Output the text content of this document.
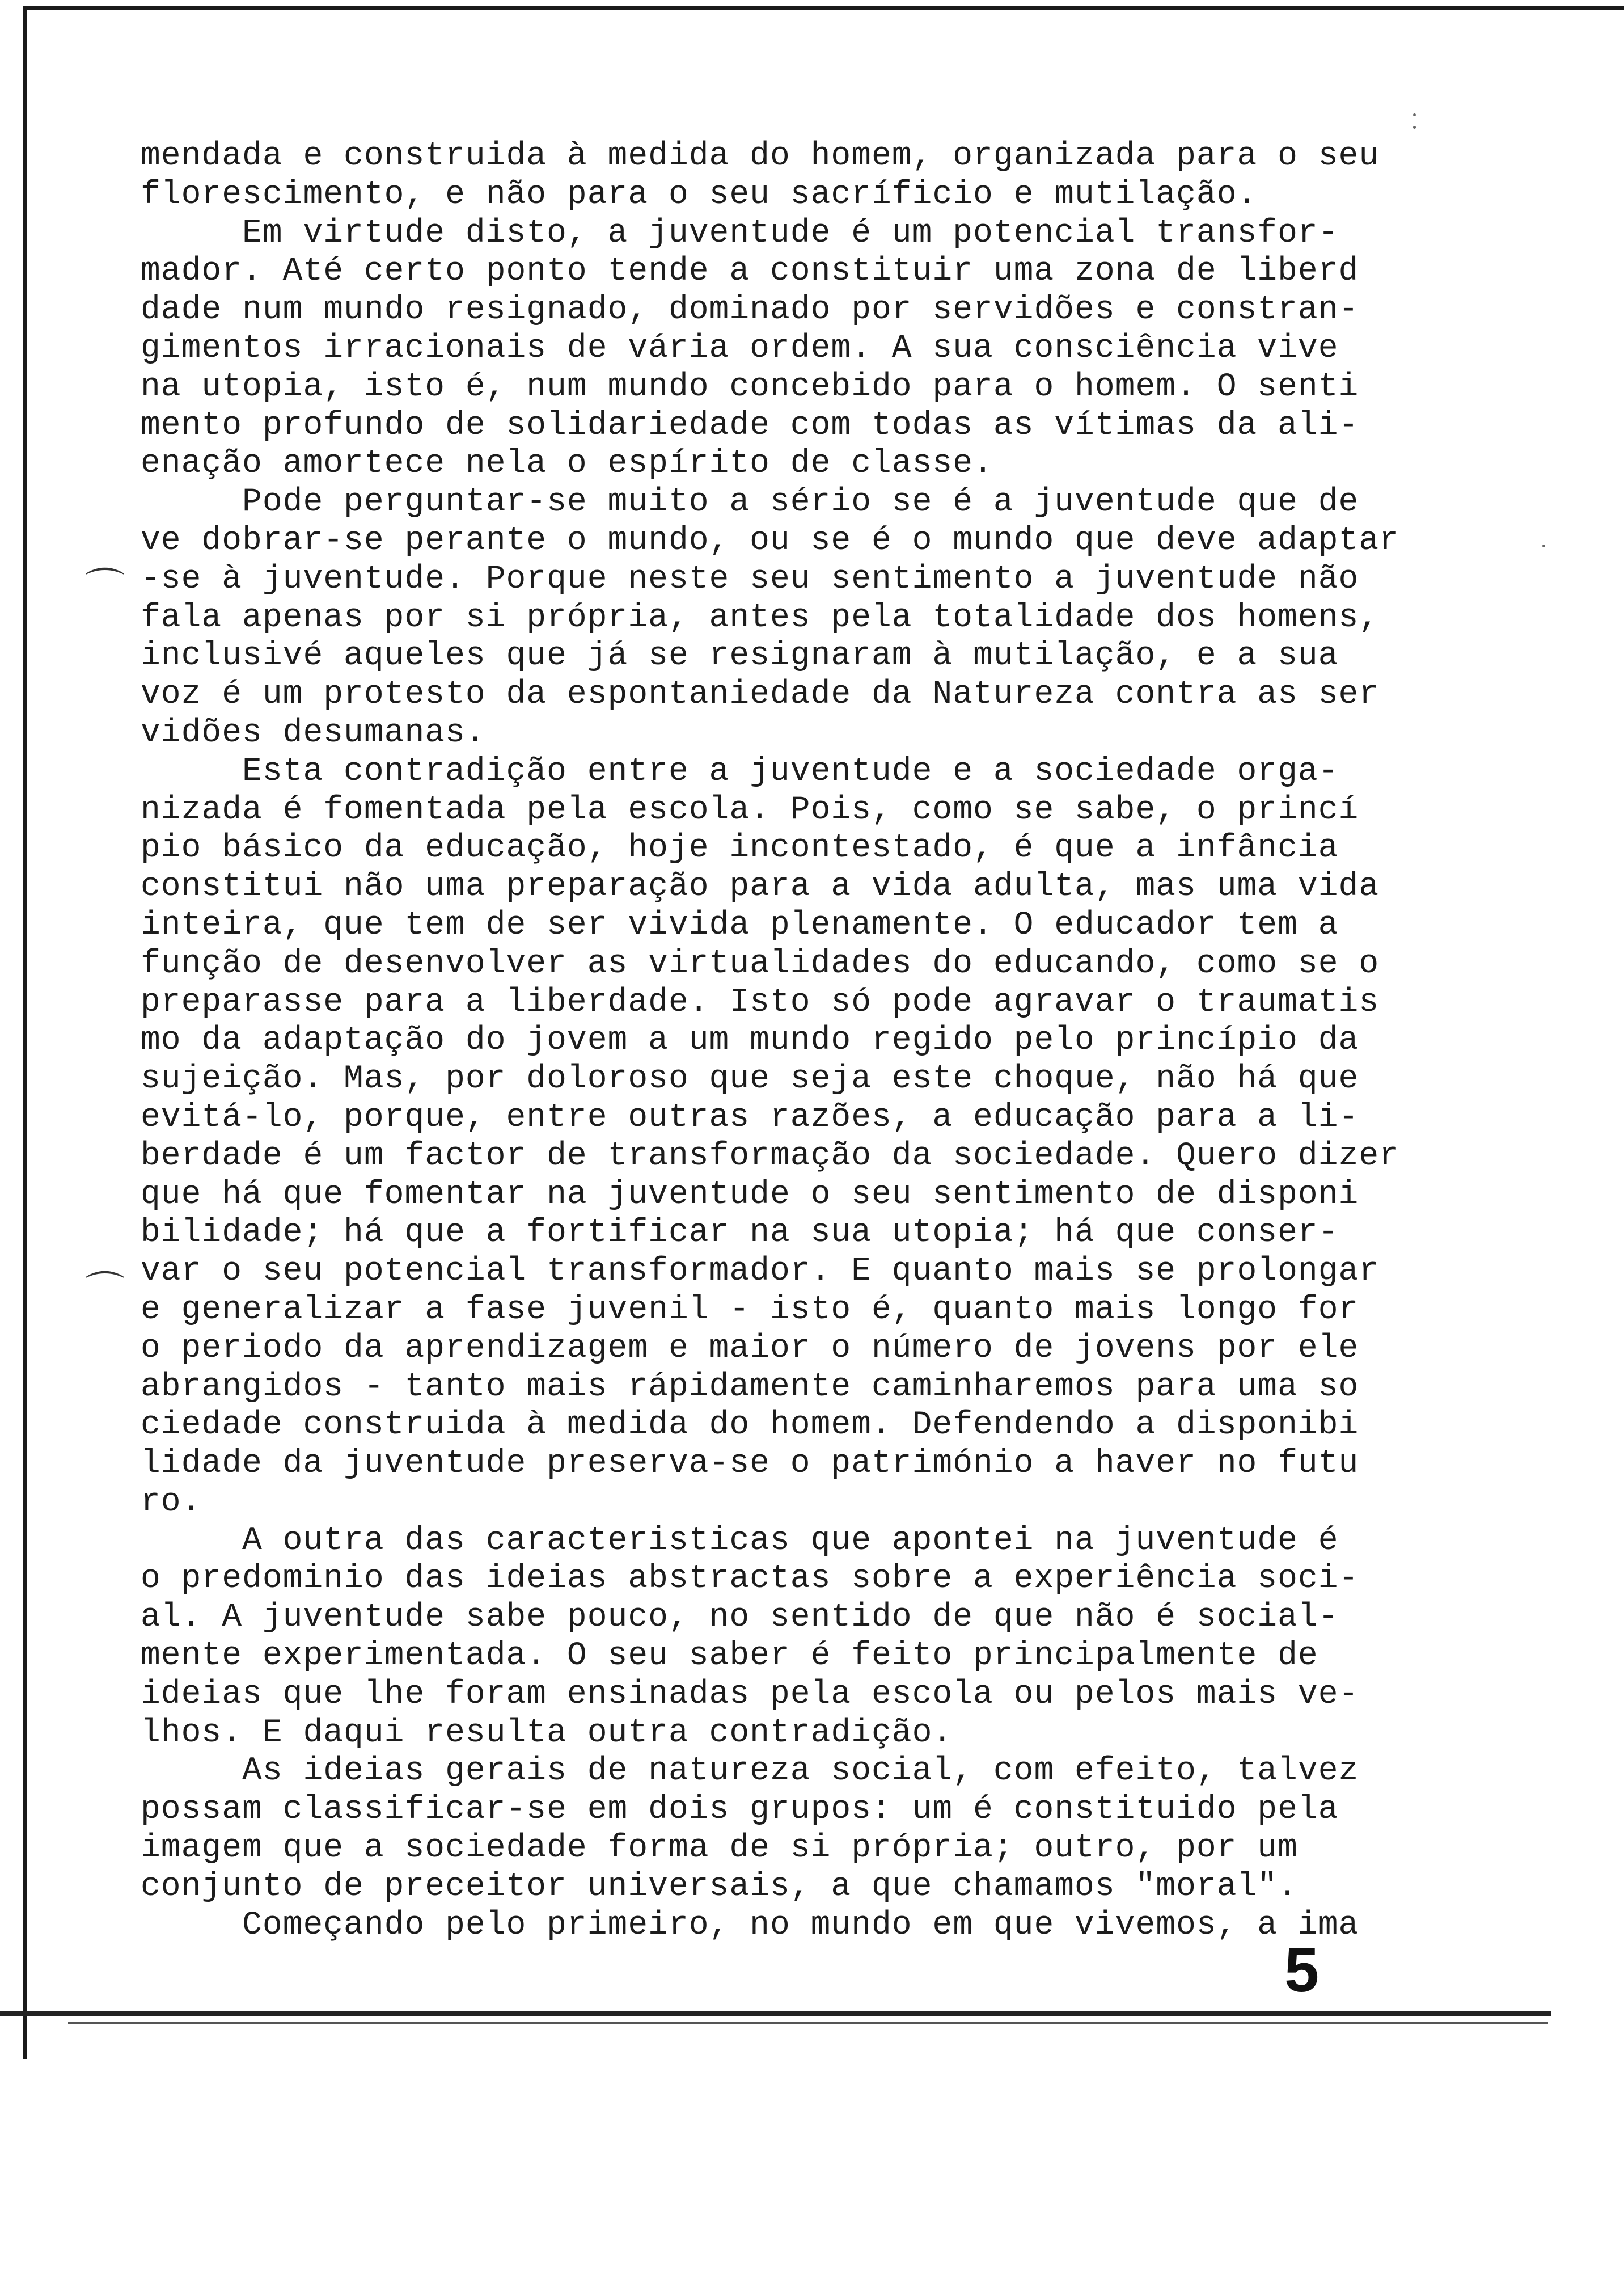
⌒
⌒
mendada e construida à medida do homem, organizada para o seu
florescimento, e não para o seu sacríficio e mutilação.
Em virtude disto, a juventude é um potencial transfor-
mador. Até certo ponto tende a constituir uma zona de liberd
dade num mundo resignado, dominado por servidões e constran-
gimentos irracionais de vária ordem. A sua consciência vive
na utopia, isto é, num mundo concebido para o homem. O senti
mento profundo de solidariedade com todas as vítimas da ali-
enação amortece nela o espírito de classe.
Pode perguntar-se muito a sério se é a juventude que de
ve dobrar-se perante o mundo, ou se é o mundo que deve adaptar
-se à juventude. Porque neste seu sentimento a juventude não
fala apenas por si própria, antes pela totalidade dos homens,
inclusivé aqueles que já se resignaram à mutilação, e a sua
voz é um protesto da espontaniedade da Natureza contra as ser
vidões desumanas.
Esta contradição entre a juventude e a sociedade orga-
nizada é fomentada pela escola. Pois, como se sabe, o princí
pio básico da educação, hoje incontestado, é que a infância
constitui não uma preparação para a vida adulta, mas uma vida
inteira, que tem de ser vivida plenamente. O educador tem a
função de desenvolver as virtualidades do educando, como se o
preparasse para a liberdade. Isto só pode agravar o traumatis
mo da adaptação do jovem a um mundo regido pelo princípio da
sujeição. Mas, por doloroso que seja este choque, não há que
evitá-lo, porque, entre outras razões, a educação para a li-
berdade é um factor de transformação da sociedade. Quero dizer
que há que fomentar na juventude o seu sentimento de disponi
bilidade; há que a fortificar na sua utopia; há que conser-
var o seu potencial transformador. E quanto mais se prolongar
e generalizar a fase juvenil - isto é, quanto mais longo for
o periodo da aprendizagem e maior o número de jovens por ele
abrangidos - tanto mais rápidamente caminharemos para uma so
ciedade construida à medida do homem. Defendendo a disponibi
lidade da juventude preserva-se o património a haver no futu
ro.
A outra das caracteristicas que apontei na juventude é
o predominio das ideias abstractas sobre a experiência soci-
al. A juventude sabe pouco, no sentido de que não é social-
mente experimentada. O seu saber é feito principalmente de
ideias que lhe foram ensinadas pela escola ou pelos mais ve-
lhos. E daqui resulta outra contradição.
As ideias gerais de natureza social, com efeito, talvez
possam classificar-se em dois grupos: um é constituido pela
imagem que a sociedade forma de si própria; outro, por um
conjunto de preceitor universais, a que chamamos "moral".
Começando pelo primeiro, no mundo em que vivemos, a ima
5
